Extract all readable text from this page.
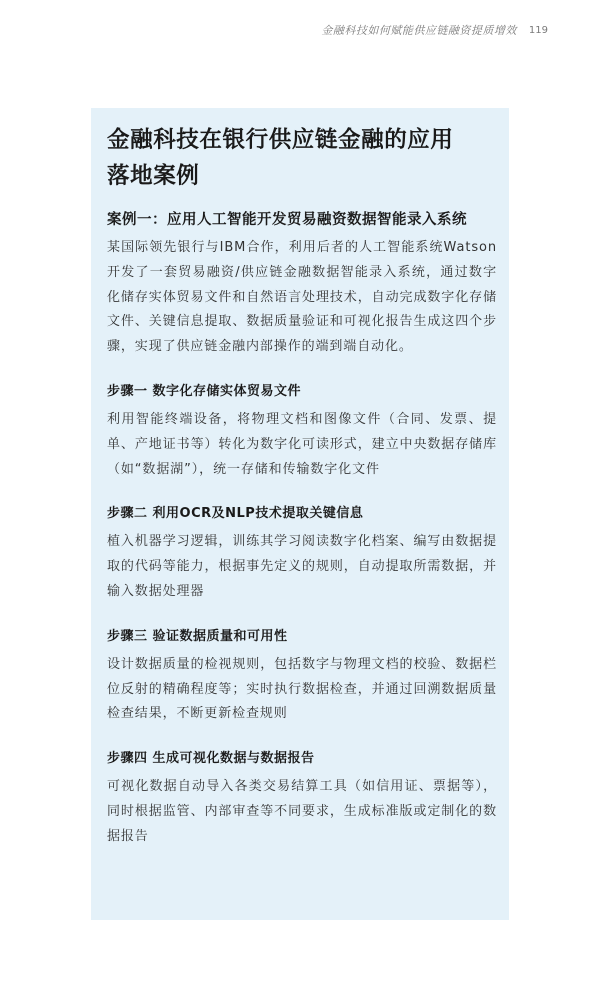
金融科技如何赋能供应链融资提质增效 119
金融科技在银行供应链金融的应用
落地案例
案例一：应用人工智能开发贸易融资数据智能录入系统

某国际领先银行与IBM合作，利用后者的人工智能系统Watson开发了一套贸易融资/供应链金融数据智能录入系统，通过数字化储存实体贸易文件和自然语言处理技术，自动完成数字化存储文件、关键信息提取、数据质量验证和可视化报告生成这四个步骤，实现了供应链金融内部操作的端到端自动化。

步骤一 数字化存储实体贸易文件

利用智能终端设备，将物理文档和图像文件（合同、发票、提单、产地证书等）转化为数字化可读形式，建立中央数据存储库（如“数据湖”），统一存储和传输数字化文件

步骤二 利用OCR及NLP技术提取关键信息

植入机器学习逻辑，训练其学习阅读数字化档案、编写由数据提取的代码等能力，根据事先定义的规则，自动提取所需数据，并输入数据处理器

步骤三 验证数据质量和可用性

设计数据质量的检视规则，包括数字与物理文档的校验、数据栏位反射的精确程度等；实时执行数据检查，并通过回溯数据质量检查结果，不断更新检查规则

步骤四 生成可视化数据与数据报告

可视化数据自动导入各类交易结算工具（如信用证、票据等），同时根据监管、内部审查等不同要求，生成标准版或定制化的数据报告
